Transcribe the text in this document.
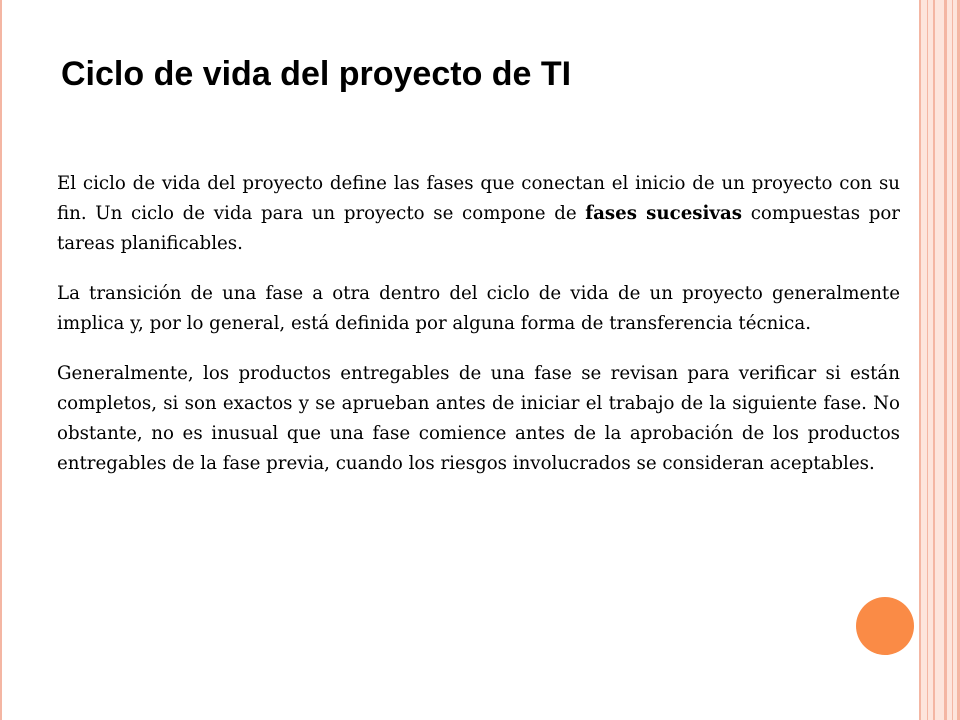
Ciclo de vida del proyecto de TI

El ciclo de vida del proyecto define las fases que conectan el inicio de un proyecto con su fin. Un ciclo de vida para un proyecto se compone de fases sucesivas compuestas por tareas planificables.

La transición de una fase a otra dentro del ciclo de vida de un proyecto generalmente implica y, por lo general, está definida por alguna forma de transferencia técnica.

Generalmente, los productos entregables de una fase se revisan para verificar si están completos, si son exactos y se aprueban antes de iniciar el trabajo de la siguiente fase. No obstante, no es inusual que una fase comience antes de la aprobación de los productos entregables de la fase previa, cuando los riesgos involucrados se consideran aceptables.
